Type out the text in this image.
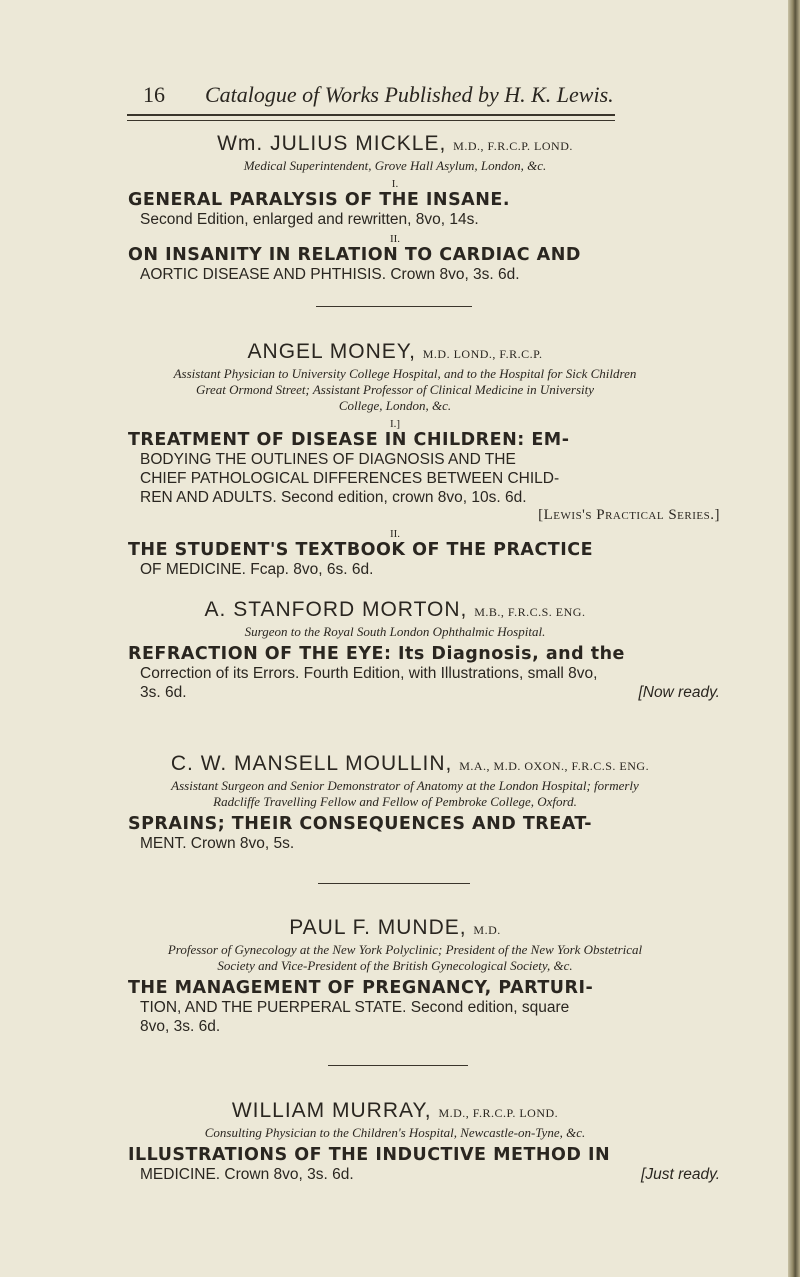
16 Catalogue of Works Published by H. K. Lewis.
Wm. JULIUS MICKLE, M.D., F.R.C.P. LOND.
Medical Superintendent, Grove Hall Asylum, London, &c.
I.
GENERAL PARALYSIS OF THE INSANE.
Second Edition, enlarged and rewritten, 8vo, 14s.
II.
ON INSANITY IN RELATION TO CARDIAC AND
AORTIC DISEASE AND PHTHISIS. Crown 8vo, 3s. 6d.
ANGEL MONEY, M.D. LOND., F.R.C.P.
Assistant Physician to University College Hospital, and to the Hospital for Sick Children
Great Ormond Street; Assistant Professor of Clinical Medicine in University
College, London, &c.
I.]
TREATMENT OF DISEASE IN CHILDREN: EM-
BODYING THE OUTLINES OF DIAGNOSIS AND THE
CHIEF PATHOLOGICAL DIFFERENCES BETWEEN CHILD-
REN AND ADULTS. Second edition, crown 8vo, 10s. 6d.
[Lewis's Practical Series.]
II.
THE STUDENT'S TEXTBOOK OF THE PRACTICE
OF MEDICINE. Fcap. 8vo, 6s. 6d.
A. STANFORD MORTON, M.B., F.R.C.S. ENG.
Surgeon to the Royal South London Ophthalmic Hospital.
REFRACTION OF THE EYE: Its Diagnosis, and the
Correction of its Errors. Fourth Edition, with Illustrations, small 8vo,
3s. 6d.	[Now ready.
C. W. MANSELL MOULLIN, M.A., M.D. OXON., F.R.C.S. ENG.
Assistant Surgeon and Senior Demonstrator of Anatomy at the London Hospital; formerly
Radcliffe Travelling Fellow and Fellow of Pembroke College, Oxford.
SPRAINS; THEIR CONSEQUENCES AND TREAT-
MENT. Crown 8vo, 5s.
PAUL F. MUNDE, M.D.
Professor of Gynecology at the New York Polyclinic; President of the New York Obstetrical
Society and Vice-President of the British Gynecological Society, &c.
THE MANAGEMENT OF PREGNANCY, PARTURI-
TION, AND THE PUERPERAL STATE. Second edition, square
8vo, 3s. 6d.
WILLIAM MURRAY, M.D., F.R.C.P. LOND.
Consulting Physician to the Children's Hospital, Newcastle-on-Tyne, &c.
ILLUSTRATIONS OF THE INDUCTIVE METHOD IN
MEDICINE. Crown 8vo, 3s. 6d.	[Just ready.
